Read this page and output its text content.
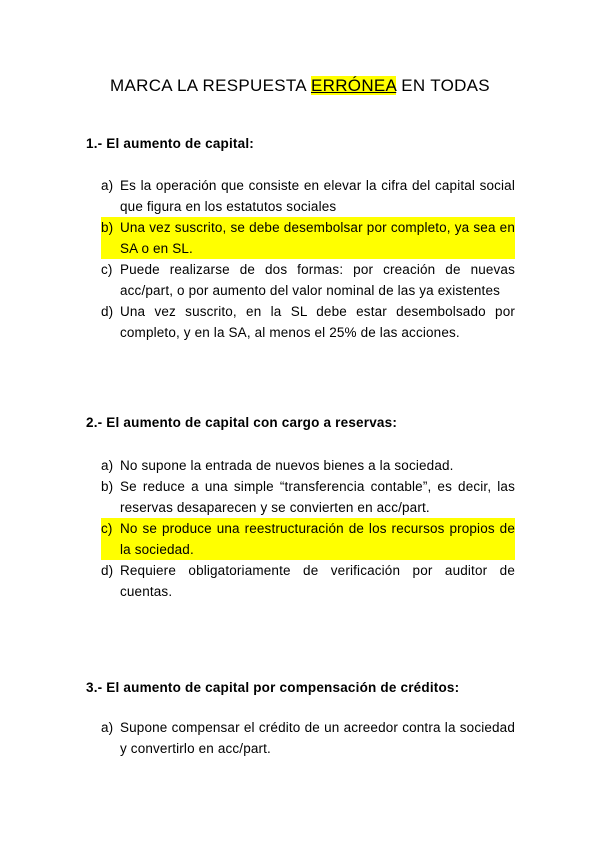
MARCA LA RESPUESTA ERRÓNEA EN TODAS
1.- El aumento de capital:
a) Es la operación que consiste en elevar la cifra del capital social que figura en los estatutos sociales
b) Una vez suscrito, se debe desembolsar por completo, ya sea en SA o en SL.
c) Puede realizarse de dos formas: por creación de nuevas acc/part, o por aumento del valor nominal de las ya existentes
d) Una vez suscrito, en la SL debe estar desembolsado por completo, y en la SA, al menos el 25% de las acciones.
2.- El aumento de capital con cargo a reservas:
a) No supone la entrada de nuevos bienes a la sociedad.
b) Se reduce a una simple “transferencia contable”, es decir, las reservas desaparecen y se convierten en acc/part.
c) No se produce una reestructuración de los recursos propios de la sociedad.
d) Requiere obligatoriamente de verificación por auditor de cuentas.
3.- El aumento de capital por compensación de créditos:
a) Supone compensar el crédito de un acreedor contra la sociedad y convertirlo en acc/part.
